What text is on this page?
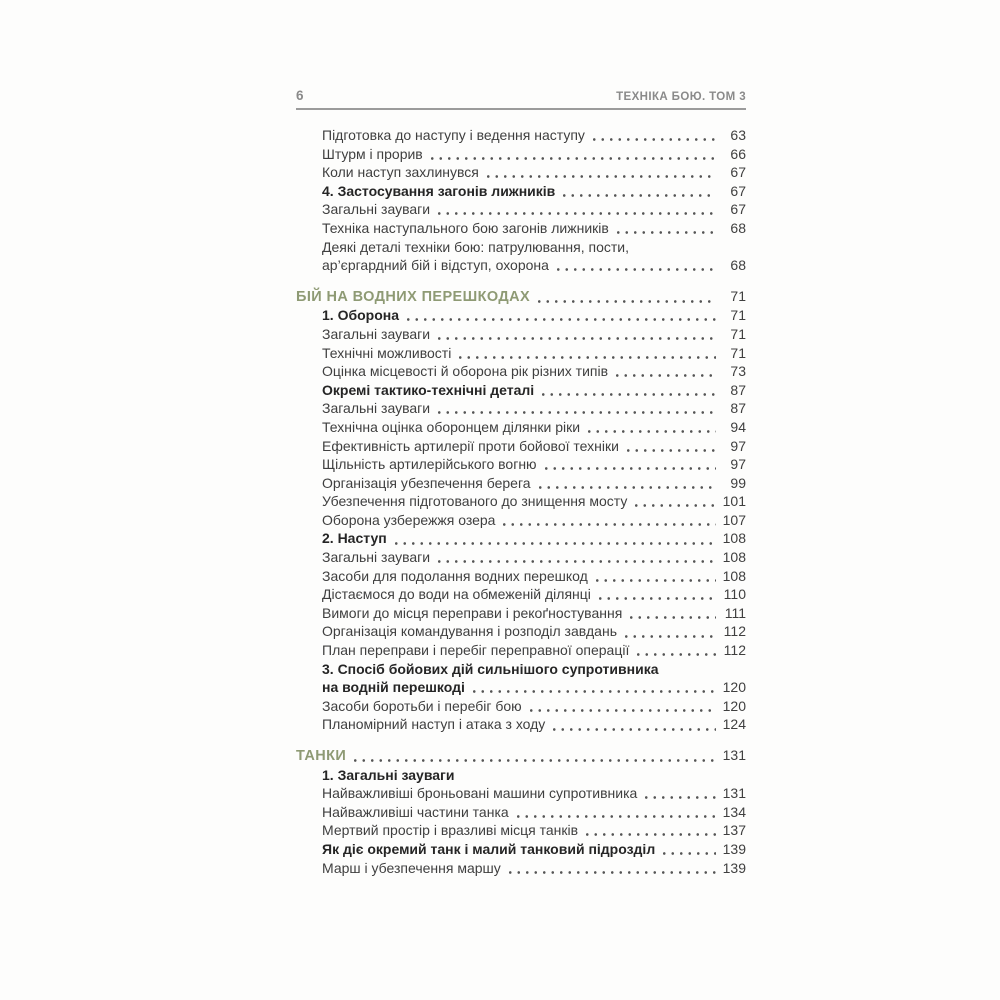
6	ТЕХНІКА БОЮ. ТОМ 3
Підготовка до наступу і ведення наступу	63
Штурм і прорив	66
Коли наступ захлинувся	67
4. Застосування загонів лижників	67
Загальні зауваги	67
Техніка наступального бою загонів лижників	68
Деякі деталі техніки бою: патрулювання, пости,
ар’єргардний бій і відступ, охорона	68
БІЙ НА ВОДНИХ ПЕРЕШКОДАХ	71
1. Оборона	71
Загальні зауваги	71
Технічні можливості	71
Оцінка місцевості й оборона рік різних типів	73
Окремі тактико-технічні деталі	87
Загальні зауваги	87
Технічна оцінка оборонцем ділянки ріки	94
Ефективність артилерії проти бойової техніки	97
Щільність артилерійського вогню	97
Організація убезпечення берега	99
Убезпечення підготованого до знищення мосту	101
Оборона узбережжя озера	107
2. Наступ	108
Загальні зауваги	108
Засоби для подолання водних перешкод	108
Дістаємося до води на обмеженій ділянці	110
Вимоги до місця переправи і рекоґностування	111
Організація командування і розподіл завдань	112
План переправи і перебіг переправної операції	112
3. Спосіб бойових дій сильнішого супротивника
на водній перешкоді	120
Засоби боротьби і перебіг бою	120
Планомірний наступ і атака з ходу	124
ТАНКИ	131
1. Загальні зауваги
Найважливіші броньовані машини супротивника	131
Найважливіші частини танка	134
Мертвий простір і вразливі місця танків	137
Як діє окремий танк і малий танковий підрозділ	139
Марш і убезпечення маршу	139
